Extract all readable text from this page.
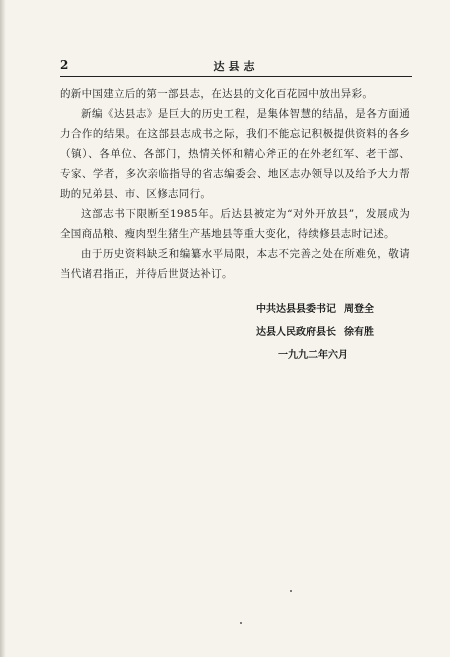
2	达县志

的新中国建立后的第一部县志，在达县的文化百花园中放出异彩。

新编《达县志》是巨大的历史工程，是集体智慧的结晶，是各方面通力合作的结果。在这部县志成书之际，我们不能忘记积极提供资料的各乡（镇）、各单位、各部门，热情关怀和精心斧正的在外老红军、老干部、专家、学者，多次亲临指导的省志编委会、地区志办领导以及给予大力帮助的兄弟县、市、区修志同行。

这部志书下限断至1985年。后达县被定为“对外开放县”，发展成为全国商品粮、瘦肉型生猪生产基地县等重大变化，待续修县志时记述。

由于历史资料缺乏和编纂水平局限，本志不完善之处在所难免，敬请当代诸君指正，并待后世贤达补订。

中共达县县委书记 周登全
达县人民政府县长 徐有胜
一九九二年六月
